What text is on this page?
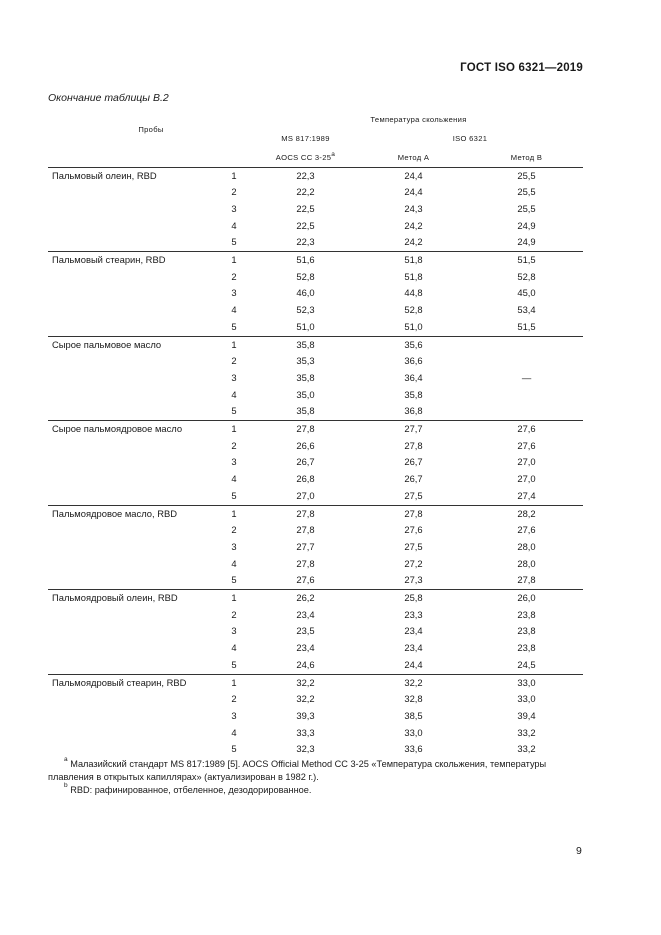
ГОСТ ISO 6321—2019
Окончание таблицы В.2
Пробы		Температура скольжения		
		MS 817:1989	ISO 6321	
		AOCS CC 3-25$^a$	Метод А	Метод В
Пальмовый олеин, RBD	1	22,3	24,4	25,5
	2	22,2	24,4	25,5
	3	22,5	24,3	25,5
	4	22,5	24,2	24,9
	5	22,3	24,2	24,9
Пальмовый стеарин, RBD	1	51,6	51,8	51,5
	2	52,8	51,8	52,8
	3	46,0	44,8	45,0
	4	52,3	52,8	53,4
	5	51,0	51,0	51,5
Сырое пальмовое масло	1	35,8	35,6	—
	2	35,3	36,6	
	3	35,8	36,4	
	4	35,0	35,8	
	5	35,8	36,8	
Сырое пальмоядровое масло	1	27,8	27,7	27,6
	2	26,6	27,8	27,6
	3	26,7	26,7	27,0
	4	26,8	26,7	27,0
	5	27,0	27,5	27,4
Пальмоядровое масло, RBD	1	27,8	27,8	28,2
	2	27,8	27,6	27,6
	3	27,7	27,5	28,0
	4	27,8	27,2	28,0
	5	27,6	27,3	27,8
Пальмоядровый олеин, RBD	1	26,2	25,8	26,0
	2	23,4	23,3	23,8
	3	23,5	23,4	23,8
	4	23,4	23,4	23,8
	5	24,6	24,4	24,5
Пальмоядровый стеарин, RBD	1	32,2	32,2	33,0
	2	32,2	32,8	33,0
	3	39,3	38,5	39,4
	4	33,3	33,0	33,2
	5	32,3	33,6	33,2

$^a$ Малазийский стандарт MS 817:1989 [5]. AOCS Official Method CC 3-25 «Температура скольжения, температуры плавления в открытых капиллярах» (актуализирован в 1982 г.).
$^b$ RBD: рафинированное, отбеленное, дезодорированное.				
9
